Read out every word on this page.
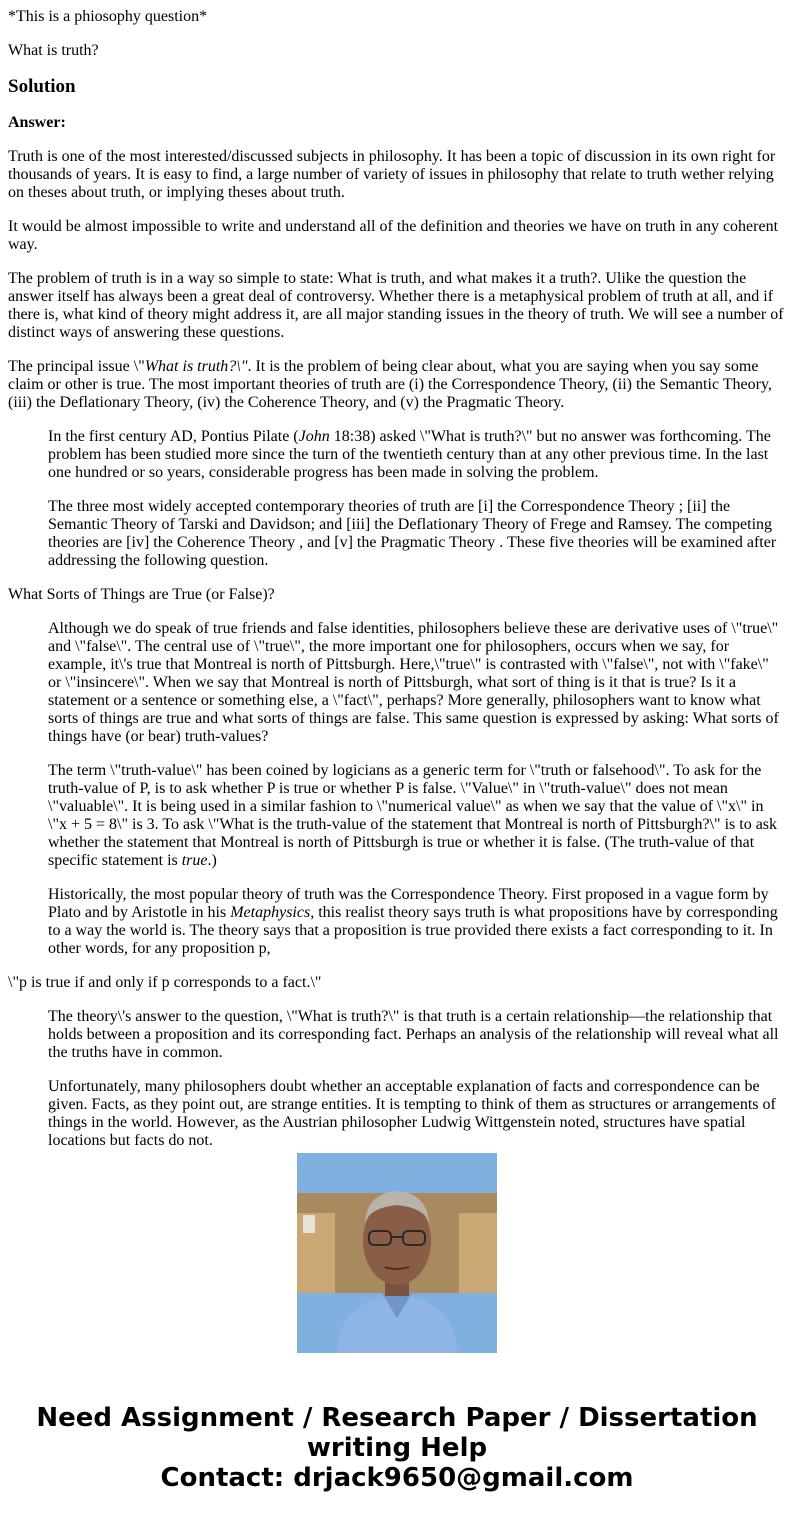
*This is a phiosophy question*

What is truth?

Solution

Answer:

Truth is one of the most interested/discussed subjects in philosophy. It has been a topic of discussion in its own right for thousands of years. It is easy to find, a large number of variety of issues in philosophy that relate to truth wether relying on theses about truth, or implying theses about truth.

It would be almost impossible to write and understand all of the definition and theories we have on truth in any coherent way.

The problem of truth is in a way so simple to state: What is truth, and what makes it a truth?. Ulike the question the answer itself has always been a great deal of controversy. Whether there is a metaphysical problem of truth at all, and if there is, what kind of theory might address it, are all major standing issues in the theory of truth. We will see a number of distinct ways of answering these questions.

The principal issue \"What is truth?\". It is the problem of being clear about, what you are saying when you say some claim or other is true. The most important theories of truth are (i) the Correspondence Theory, (ii) the Semantic Theory, (iii) the Deflationary Theory, (iv) the Coherence Theory, and (v) the Pragmatic Theory.

In the first century AD, Pontius Pilate (John 18:38) asked \"What is truth?\" but no answer was forthcoming. The problem has been studied more since the turn of the twentieth century than at any other previous time. In the last one hundred or so years, considerable progress has been made in solving the problem.

The three most widely accepted contemporary theories of truth are [i] the Correspondence Theory ; [ii] the Semantic Theory of Tarski and Davidson; and [iii] the Deflationary Theory of Frege and Ramsey. The competing theories are [iv] the Coherence Theory , and [v] the Pragmatic Theory . These five theories will be examined after addressing the following question.

What Sorts of Things are True (or False)?

Although we do speak of true friends and false identities, philosophers believe these are derivative uses of \"true\" and \"false\". The central use of \"true\", the more important one for philosophers, occurs when we say, for example, it\'s true that Montreal is north of Pittsburgh. Here,\"true\" is contrasted with \"false\", not with \"fake\" or \"insincere\". When we say that Montreal is north of Pittsburgh, what sort of thing is it that is true? Is it a statement or a sentence or something else, a \"fact\", perhaps? More generally, philosophers want to know what sorts of things are true and what sorts of things are false. This same question is expressed by asking: What sorts of things have (or bear) truth-values?

The term \"truth-value\" has been coined by logicians as a generic term for \"truth or falsehood\". To ask for the truth-value of P, is to ask whether P is true or whether P is false. \"Value\" in \"truth-value\" does not mean \"valuable\". It is being used in a similar fashion to \"numerical value\" as when we say that the value of \"x\" in \"x + 5 = 8\" is 3. To ask \"What is the truth-value of the statement that Montreal is north of Pittsburgh?\" is to ask whether the statement that Montreal is north of Pittsburgh is true or whether it is false. (The truth-value of that specific statement is true.)

Historically, the most popular theory of truth was the Correspondence Theory. First proposed in a vague form by Plato and by Aristotle in his Metaphysics, this realist theory says truth is what propositions have by corresponding to a way the world is. The theory says that a proposition is true provided there exists a fact corresponding to it. In other words, for any proposition p,

\"p is true if and only if p corresponds to a fact.\"

The theory\'s answer to the question, \"What is truth?\" is that truth is a certain relationship—the relationship that holds between a proposition and its corresponding fact. Perhaps an analysis of the relationship will reveal what all the truths have in common.

Unfortunately, many philosophers doubt whether an acceptable explanation of facts and correspondence can be given. Facts, as they point out, are strange entities. It is tempting to think of them as structures or arrangements of things in the world. However, as the Austrian philosopher Ludwig Wittgenstein noted, structures have spatial locations but facts do not.

Need Assignment / Research Paper / Dissertation
writing Help
Contact: drjack9650@gmail.com
